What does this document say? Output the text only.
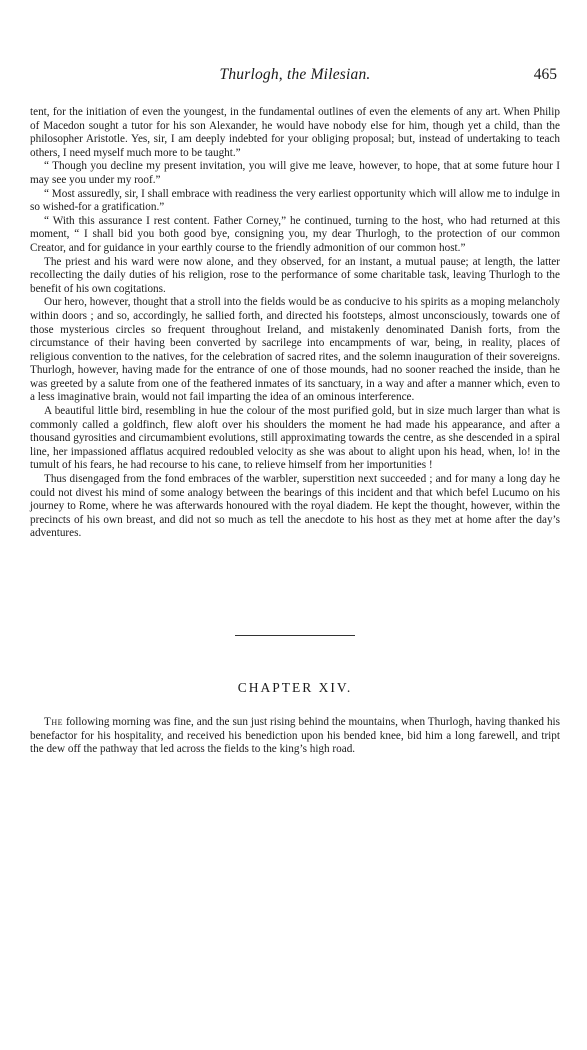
Thurlogh, the Milesian.	465

tent, for the initiation of even the youngest, in the fundamental outlines of even the elements of any art. When Philip of Macedon sought a tutor for his son Alexander, he would have nobody else for him, though yet a child, than the philosopher Aristotle. Yes, sir, I am deeply indebted for your obliging proposal; but, instead of undertaking to teach others, I need myself much more to be taught.”

“ Though you decline my present invitation, you will give me leave, however, to hope, that at some future hour I may see you under my roof.”

“ Most assuredly, sir, I shall embrace with readiness the very earliest opportunity which will allow me to indulge in so wished-for a gratification.”

“ With this assurance I rest content. Father Corney,” he continued, turning to the host, who had returned at this moment, “ I shall bid you both good bye, consigning you, my dear Thurlogh, to the protection of our common Creator, and for guidance in your earthly course to the friendly admonition of our common host.”

The priest and his ward were now alone, and they observed, for an instant, a mutual pause; at length, the latter recollecting the daily duties of his religion, rose to the performance of some charitable task, leaving Thurlogh to the benefit of his own cogitations.

Our hero, however, thought that a stroll into the fields would be as conducive to his spirits as a moping melancholy within doors ; and so, accordingly, he sallied forth, and directed his footsteps, almost unconsciously, towards one of those mysterious circles so frequent throughout Ireland, and mistakenly denominated Danish forts, from the circumstance of their having been converted by sacrilege into encampments of war, being, in reality, places of religious convention to the natives, for the celebration of sacred rites, and the solemn inauguration of their sovereigns. Thurlogh, however, having made for the entrance of one of those mounds, had no sooner reached the inside, than he was greeted by a salute from one of the feathered inmates of its sanctuary, in a way and after a manner which, even to a less imaginative brain, would not fail imparting the idea of an ominous interference.

A beautiful little bird, resembling in hue the colour of the most purified gold, but in size much larger than what is commonly called a goldfinch, flew aloft over his shoulders the moment he had made his appearance, and after a thousand gyrosities and circumambient evolutions, still approximating towards the centre, as she descended in a spiral line, her impassioned afflatus acquired redoubled velocity as she was about to alight upon his head, when, lo! in the tumult of his fears, he had recourse to his cane, to relieve himself from her importunities !

Thus disengaged from the fond embraces of the warbler, superstition next succeeded ; and for many a long day he could not divest his mind of some analogy between the bearings of this incident and that which befel Lucumo on his journey to Rome, where he was afterwards honoured with the royal diadem. He kept the thought, however, within the precincts of his own breast, and did not so much as tell the anecdote to his host as they met at home after the day’s adventures.

CHAPTER XIV.

The following morning was fine, and the sun just rising behind the mountains, when Thurlogh, having thanked his benefactor for his hospitality, and received his benediction upon his bended knee, bid him a long farewell, and tript the dew off the pathway that led across the fields to the king’s high road.
